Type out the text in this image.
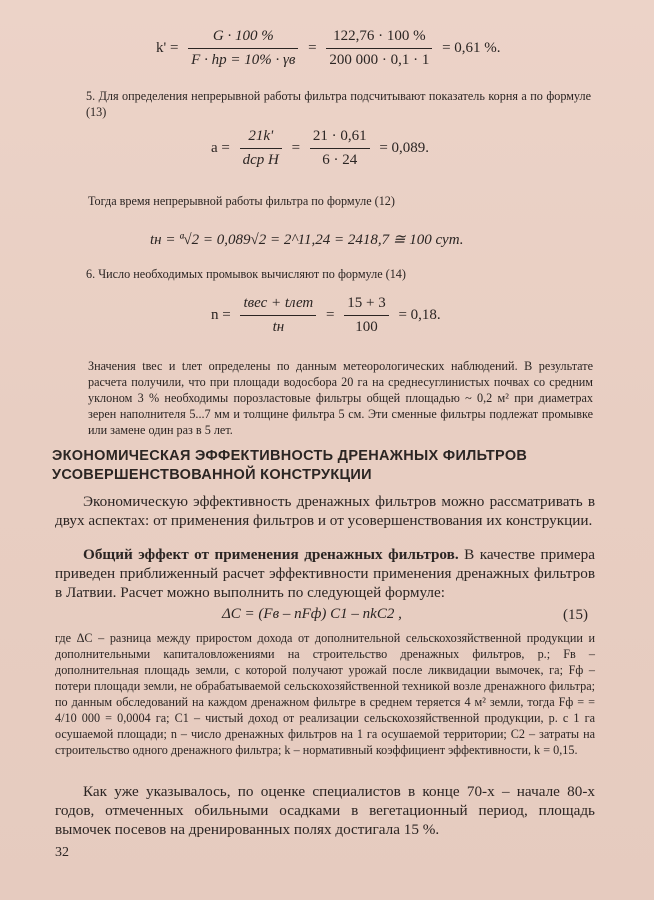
$k' = \frac{G \cdot 100 \%}{F \cdot hр = 10\% \cdot \gamma в} = \frac{122,76 \cdot 100 \%}{200 000 \cdot 0,1 \cdot 1} = 0,61$ %.
5. Для определения непрерывной работы фильтра подсчитывают показатель корня a по формуле (13)
$a = \frac{21k'}{\text{dср H}} = \frac{21 \cdot 0,61}{6 \cdot 24} = 0,089$.
Тогда время непрерывной работы фильтра по формуле (12)
tн = ª√2 = 0,089√2 = 2^11,24 = 2418,7 ≅ 100 сут.
6. Число необходимых промывок вычисляют по формуле (14)
$n = \frac{\text{tвес + tлет}}{tн} = \frac{15 + 3}{100} = 0,18$.
Значения tвес и tлет определены по данным метеорологических наблюдений. В результате расчета получили, что при площади водосбора 20 га на среднесуглинистых почвах со средним уклоном 3 % необходимы порозластовые фильтры общей площадью ~ 0,2 м² при диаметрах зерен наполнителя 5...7 мм и толщине фильтра 5 см. Эти сменные фильтры подлежат промывке или замене один раз в 5 лет.
ЭКОНОМИЧЕСКАЯ ЭФФЕКТИВНОСТЬ ДРЕНАЖНЫХ ФИЛЬТРОВ УСОВЕРШЕНСТВОВАННОЙ КОНСТРУКЦИИ
Экономическую эффективность дренажных фильтров можно рассматривать в двух аспектах: от применения фильтров и от усовершенствования их конструкции.
Общий эффект от применения дренажных фильтров. В качестве примера приведен приближенный расчет эффективности применения дренажных фильтров в Латвии. Расчет можно выполнить по следующей формуле:
ΔC = (Fв – nFф) C1 – nkC2 ,	(15)
где ΔC – разница между приростом дохода от дополнительной сельскохозяйственной продукции и дополнительными капиталовложениями на строительство дренажных фильтров, р.; Fв – дополнительная площадь земли, с которой получают урожай после ликвидации вымочек, га; Fф – потери площади земли, не обрабатываемой сельскохозяйственной техникой возле дренажного фильтра; по данным обследований на каждом дренажном фильтре в среднем теряется 4 м² земли, тогда Fф = = 4/10 000 = 0,0004 га; C1 – чистый доход от реализации сельскохозяйственной продукции, р. с 1 га осушаемой площади; n – число дренажных фильтров на 1 га осушаемой территории; C2 – затраты на строительство одного дренажного фильтра; k – нормативный коэффициент эффективности, k = 0,15.
Как уже указывалось, по оценке специалистов в конце 70-х – начале 80-х годов, отмеченных обильными осадками в вегетационный период, площадь вымочек посевов на дренированных полях достигала 15 %.
32
